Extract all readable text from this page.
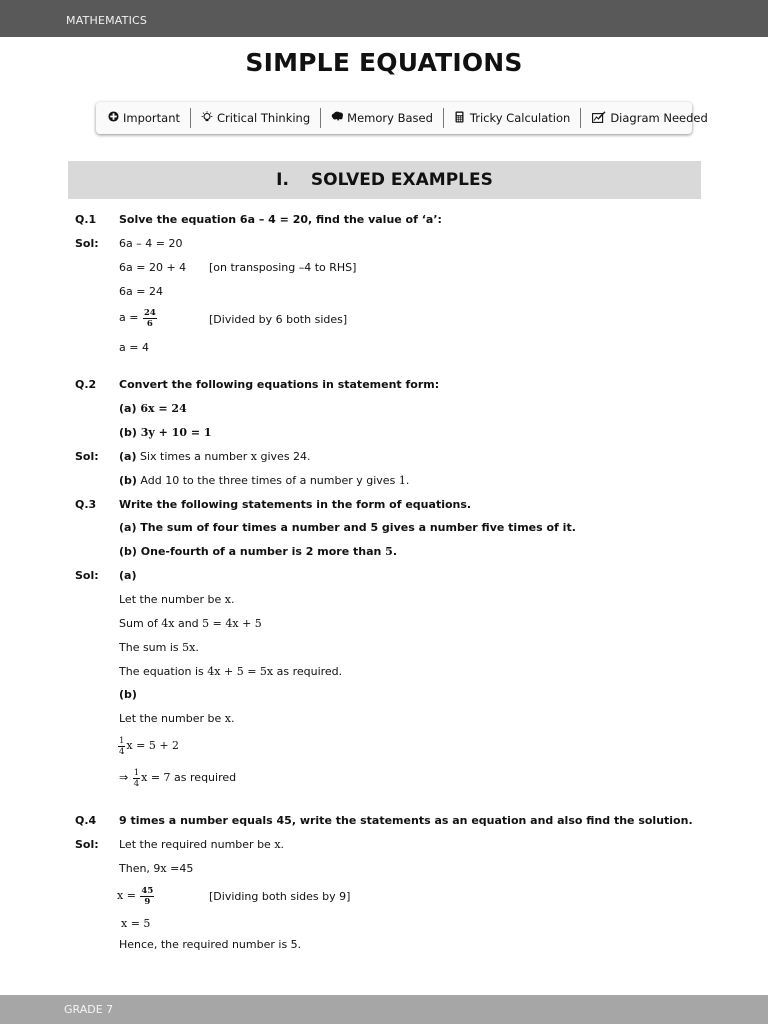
MATHEMATICS
SIMPLE EQUATIONS
Important	Critical Thinking	Memory Based	Tricky Calculation	Diagram Needed
I. SOLVED EXAMPLES
Q.1 Solve the equation 6a – 4 = 20, find the value of ‘a’:
Sol: 6a – 4 = 20
6a = 20 + 4 [on transposing –4 to RHS]
6a = 24
$a = \frac{24}{6}$	[Divided by 6 both sides]
a = 4
Q.2 Convert the following equations in statement form:
(a) 6x = 24
(b) 3y + 10 = 1
Sol: (a) Six times a number x gives 24.
(b) Add 10 to the three times of a number y gives 1.
Q.3 Write the following statements in the form of equations.
(a) The sum of four times a number and 5 gives a number five times of it.
(b) One-fourth of a number is 2 more than 5.
Sol: (a)
Let the number be x.
Sum of 4x and 5 = 4x + 5
The sum is 5x.
The equation is 4x + 5 = 5x as required.
(b)
Let the number be x.
$\frac{1}{4}$ x = 5 + 2
⇒ $\frac{1}{4}$ x = 7 as required
Q.4 9 times a number equals 45, write the statements as an equation and also find the solution.
Sol: Let the required number be x.
Then, 9x =45
$x = \frac{45}{9}$	[Dividing both sides by 9]
x = 5
Hence, the required number is 5.
GRADE 7
